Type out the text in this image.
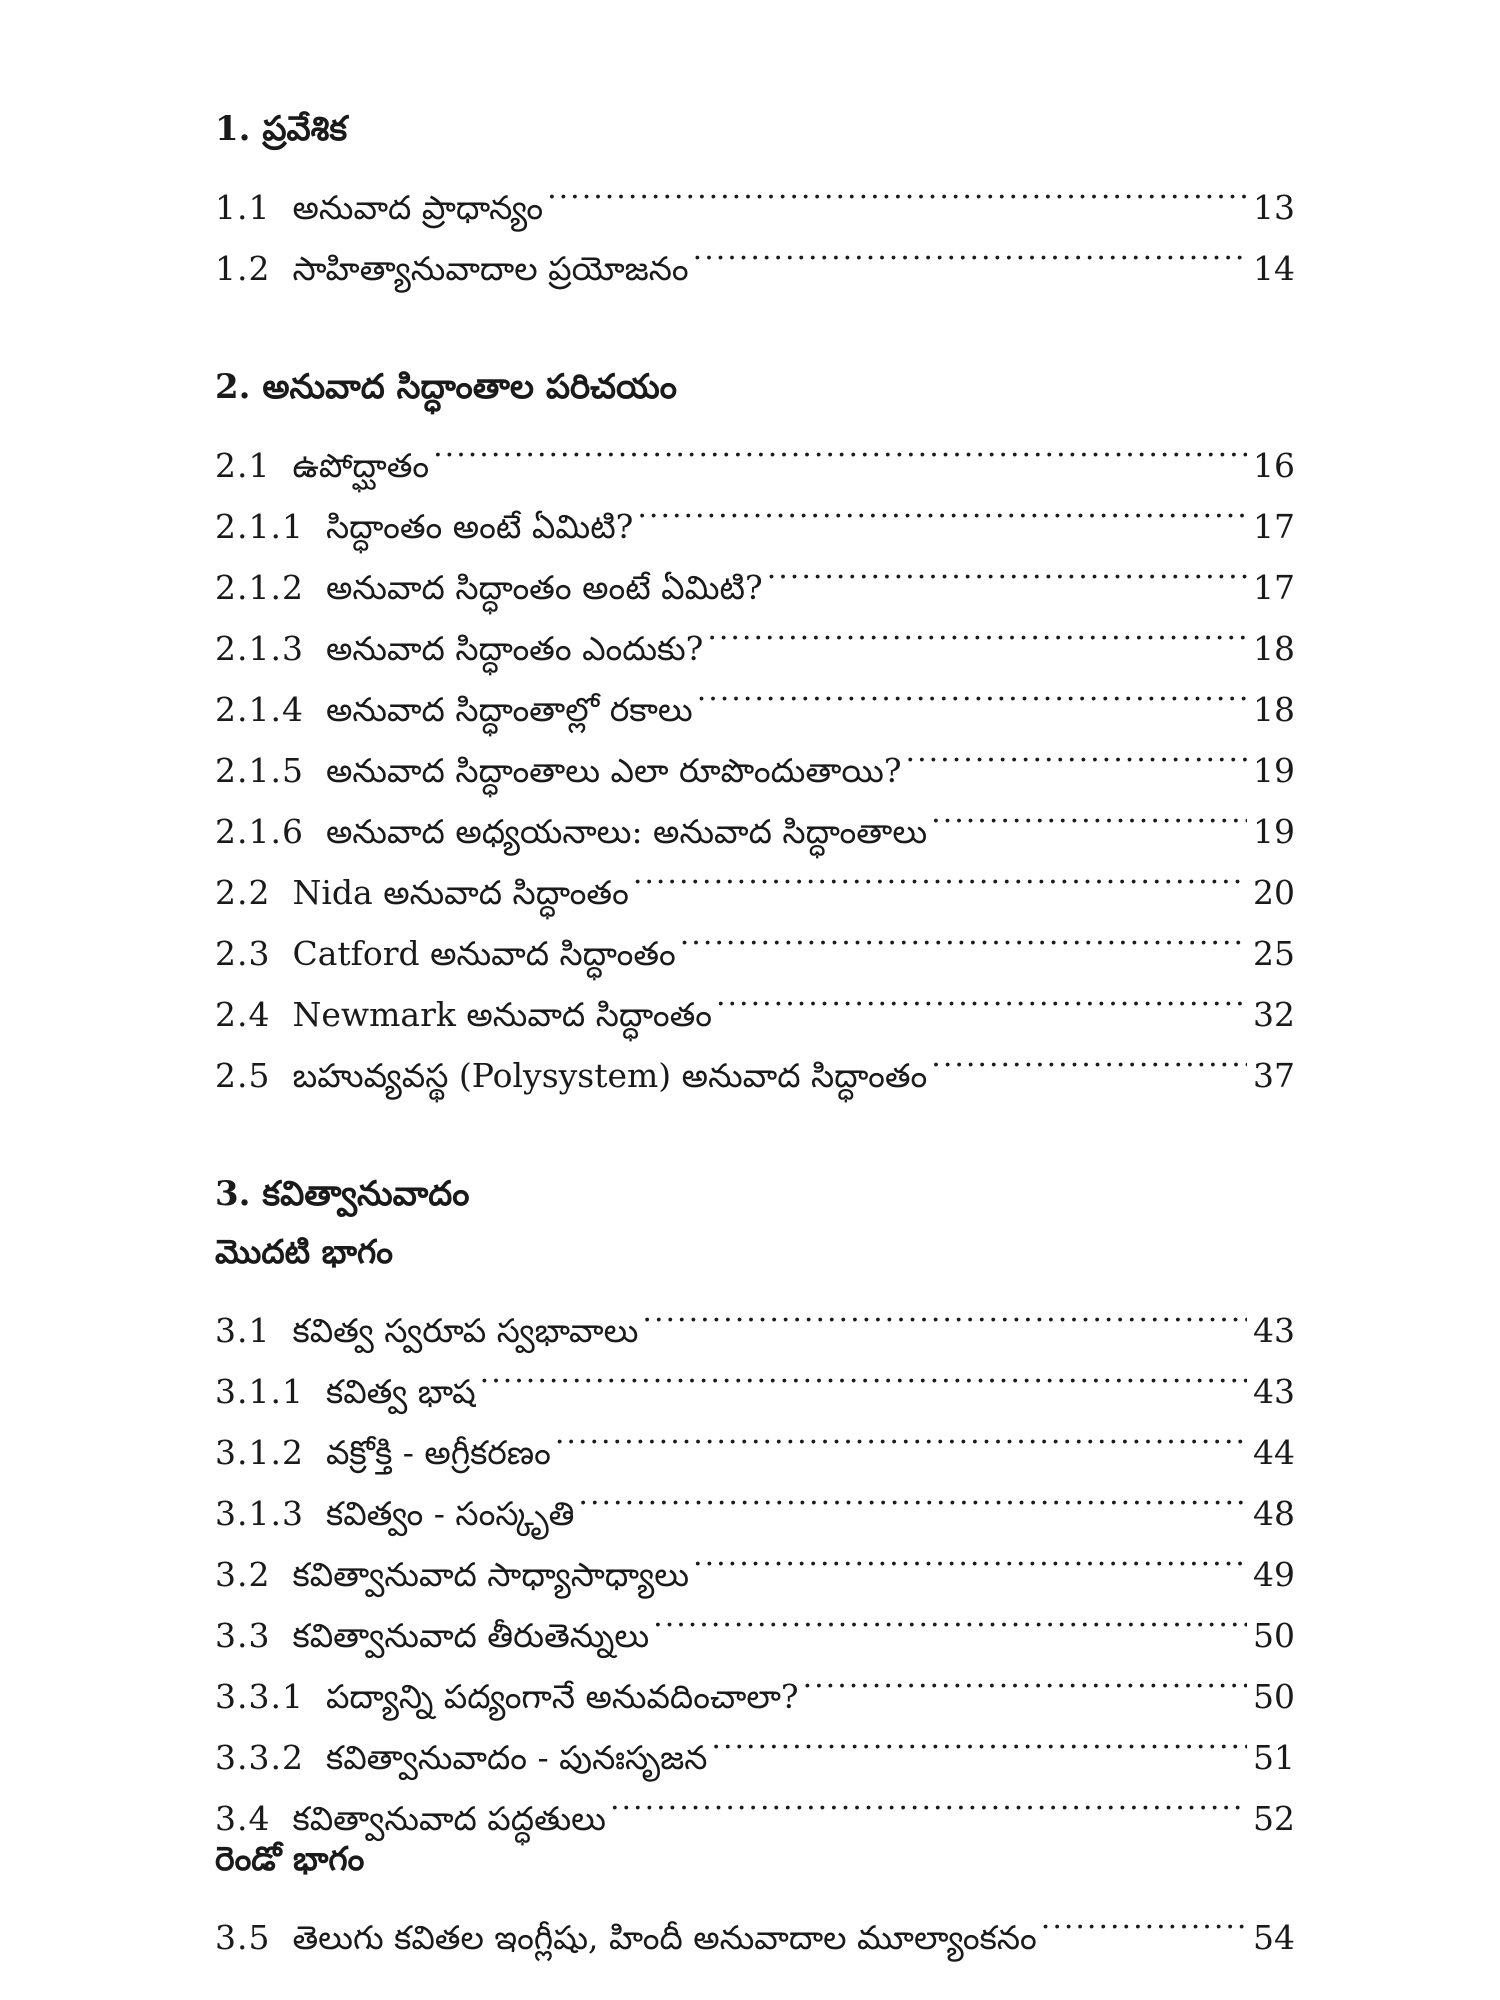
1. ప్రవేశిక
1.1 అనువాద ప్రాధాన్యం .....	13
1.2 సాహిత్యానువాదాల ప్రయోజనం .....	14
2. అనువాద సిద్ధాంతాల పరిచయం
2.1 ఉపోద్ఘాతం .....	16
2.1.1 సిద్ధాంతం అంటే ఏమిటి? .....	17
2.1.2 అనువాద సిద్ధాంతం అంటే ఏమిటి? .....	17
2.1.3 అనువాద సిద్ధాంతం ఎందుకు? .....	18
2.1.4 అనువాద సిద్ధాంతాల్లో రకాలు .....	18
2.1.5 అనువాద సిద్ధాంతాలు ఎలా రూపొందుతాయి? .....	19
2.1.6 అనువాద అధ్యయనాలు: అనువాద సిద్ధాంతాలు .....	19
2.2 Nida అనువాద సిద్ధాంతం .....	20
2.3 Catford అనువాద సిద్ధాంతం .....	25
2.4 Newmark అనువాద సిద్ధాంతం .....	32
2.5 బహువ్యవస్థ (Polysystem) అనువాద సిద్ధాంతం .....	37
3. కవిత్వానువాదం
మొదటి భాగం
3.1 కవిత్వ స్వరూప స్వభావాలు .....	43
3.1.1 కవిత్వ భాష .....	43
3.1.2 వక్రోక్తి - అగ్రీకరణం .....	44
3.1.3 కవిత్వం - సంస్కృతి .....	48
3.2 కవిత్వానువాద సాధ్యాసాధ్యాలు .....	49
3.3 కవిత్వానువాద తీరుతెన్నులు .....	50
3.3.1 పద్యాన్ని పద్యంగానే అనువదించాలా? .....	50
3.3.2 కవిత్వానువాదం - పునఃసృజన .....	51
3.4 కవిత్వానువాద పద్ధతులు .....	52
రెండో భాగం
3.5 తెలుగు కవితల ఇంగ్లీషు, హిందీ అనువాదాల మూల్యాంకనం .....	54
